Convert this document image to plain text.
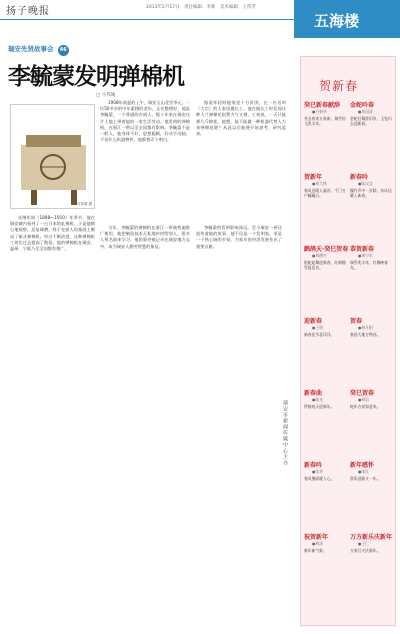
扬子晚报	2013年2月17日　责任编辑：李新　美术编辑：王伟芳
五海楼
瑞安先贤故事会 46
李毓蒙发明弹棉机
□ 马邦城
马邦城 摄

1908年前夏的上午，瑞安玉山北里李元，一位50多岁的中年素樸的老年，正在整理好，他是李毓蒙，一个普通的乡间人，数十年来在瑞安这片土地上带着他的一家生活劳动。他发明的弹棉机，在浙江一带以至全国都有影响。李毓蒙不是一般人，他身体不好，思想聪颖，好动手动脑，不论什么机器物件，他都想弄个明白。

据说年轻时他家里十分贫困，在一位名叫（大宗）的人家里做长工。他在做长工时发现这种大弓弹棉花很费力气又慢，工效低，一天只能弹几斤棉花。他想，能不能做一种机器代替人力来弹棉花呢？从此以后他便开始思考、研究起来。

光绪年间（1898—1910）年季节，他在瑞安城内看到了一台日本的轧棉机，于是他细心地观察，反复琢磨，终于在前人的基础上制成了新式弹棉机。经过不断改进，这种弹棉机工效比过去提高了数倍。他的弹棉机在瑞安、温州、宁波乃至全国都有推广。

当年，李毓蒙的弹棉机在浙江一带被普遍推广使用，他把制造技术无私地传授给别人，很多人慕名前来学习。他的事迹被记录在瑞安地方志中，成为瑞安人勤劳智慧的象征。

李毓蒙的发明影响深远，至今瑞安一带还流传着他的故事。他不仅是一个发明家，更是一个热心肠的乡贤，为家乡的经济发展作出了重要贡献。

瑞安市新闻传媒中心主办
贺新春
癸巳新春献辞
●应新华
冬去春来万象新，瑞雪纷飞兆丰年。
金蛇吟春
●周国清
金蛇狂舞辞旧岁，玉兔归去迎新春。
贺新年
●林大林
春风送暖入屠苏，千门万户曈曈日。
新春吟
●陈汉文
爆竹声中一岁除，东风送暖入新春。
鹧鸪天·癸巳贺春
●林德兴
银蛇起舞迎新春，红梅傲雪报佳音。
恭贺新春
●周宁军
瑞雪兆丰年，红梅映春光。
迎新春
●王明
新春佳节喜洋洋。
贺春
●林月阳
春回大地万物苏。
新春曲
●陈光
锣鼓喧天迎新年。
癸巳贺春
●林岩
蛇年吉祥如意来。
新春吟
●张华
春风拂面暖人心。
新年感怀
●陈红
辞旧迎新又一年。
祝贺新年
●林涛
新年新气象。
万方新乐庆新年
●王仁
万家灯火庆新年。
